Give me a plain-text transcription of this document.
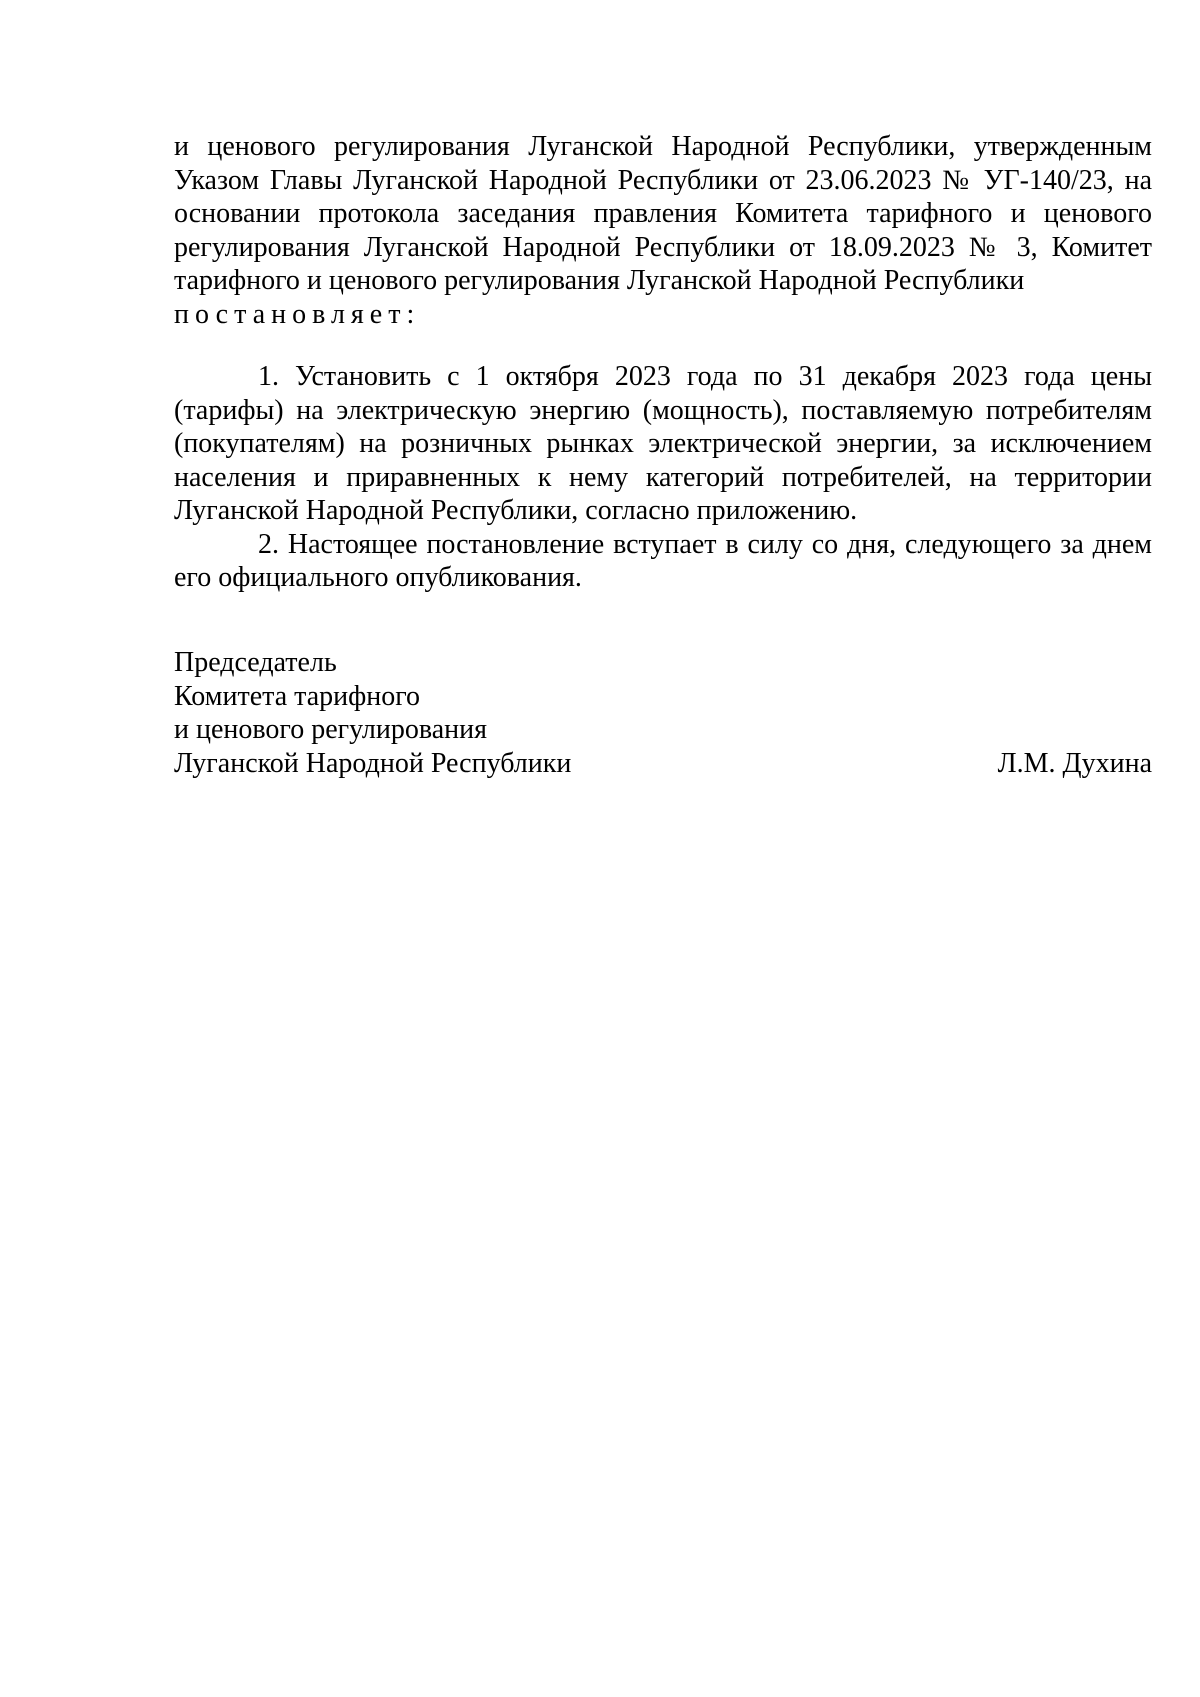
и ценового регулирования Луганской Народной Республики, утвержденным Указом Главы Луганской Народной Республики от 23.06.2023 № УГ-140/23, на основании протокола заседания правления Комитета тарифного и ценового регулирования Луганской Народной Республики от 18.09.2023 № 3, Комитет тарифного и ценового регулирования Луганской Народной Республики
постановляет:

1. Установить с 1 октября 2023 года по 31 декабря 2023 года цены (тарифы) на электрическую энергию (мощность), поставляемую потребителям (покупателям) на розничных рынках электрической энергии, за исключением населения и приравненных к нему категорий потребителей, на территории Луганской Народной Республики, согласно приложению.

2. Настоящее постановление вступает в силу со дня, следующего за днем его официального опубликования.

Председатель
Комитета тарифного
и ценового регулирования
Луганской Народной Республики	Л.М. Духина
